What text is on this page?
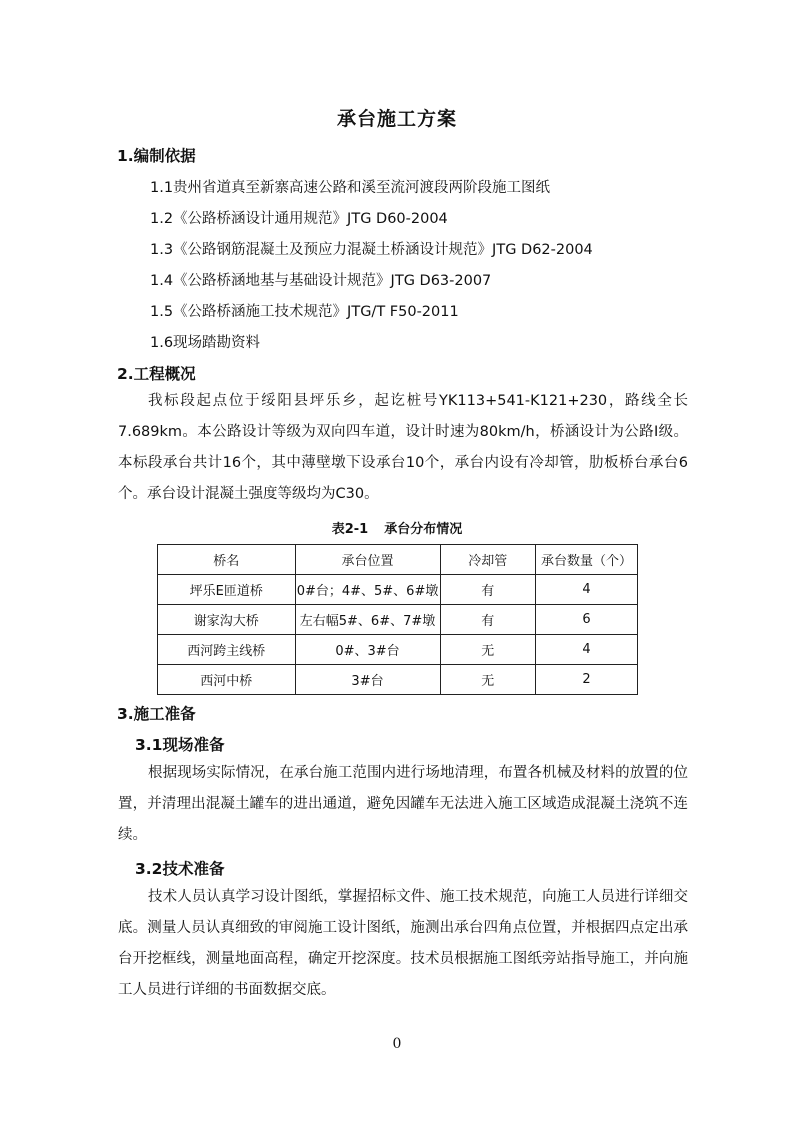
承台施工方案
1.编制依据
1.1贵州省道真至新寨高速公路和溪至流河渡段两阶段施工图纸
1.2《公路桥涵设计通用规范》JTG D60-2004
1.3《公路钢筋混凝土及预应力混凝土桥涵设计规范》JTG D62-2004
1.4《公路桥涵地基与基础设计规范》JTG D63-2007
1.5《公路桥涵施工技术规范》JTG/T F50-2011
1.6现场踏勘资料
2.工程概况
我标段起点位于绥阳县坪乐乡，起讫桩号YK113+541-K121+230，路线全长7.689km。本公路设计等级为双向四车道，设计时速为80km/h，桥涵设计为公路Ⅰ级。本标段承台共计16个，其中薄壁墩下设承台10个，承台内设有冷却管，肋板桥台承台6个。承台设计混凝土强度等级均为C30。
表2-1 承台分布情况
桥名	承台位置	冷却管	承台数量（个）
坪乐E匝道桥	0#台；4#、5#、6#墩	有	4
谢家沟大桥	左右幅5#、6#、7#墩	有	6
西河跨主线桥	0#、3#台	无	4
西河中桥	3#台	无	2
3.施工准备
3.1现场准备
根据现场实际情况，在承台施工范围内进行场地清理，布置各机械及材料的放置的位置，并清理出混凝土罐车的进出通道，避免因罐车无法进入施工区域造成混凝土浇筑不连续。
3.2技术准备
技术人员认真学习设计图纸，掌握招标文件、施工技术规范，向施工人员进行详细交底。测量人员认真细致的审阅施工设计图纸，施测出承台四角点位置，并根据四点定出承台开挖框线，测量地面高程，确定开挖深度。技术员根据施工图纸旁站指导施工，并向施工人员进行详细的书面数据交底。
0
